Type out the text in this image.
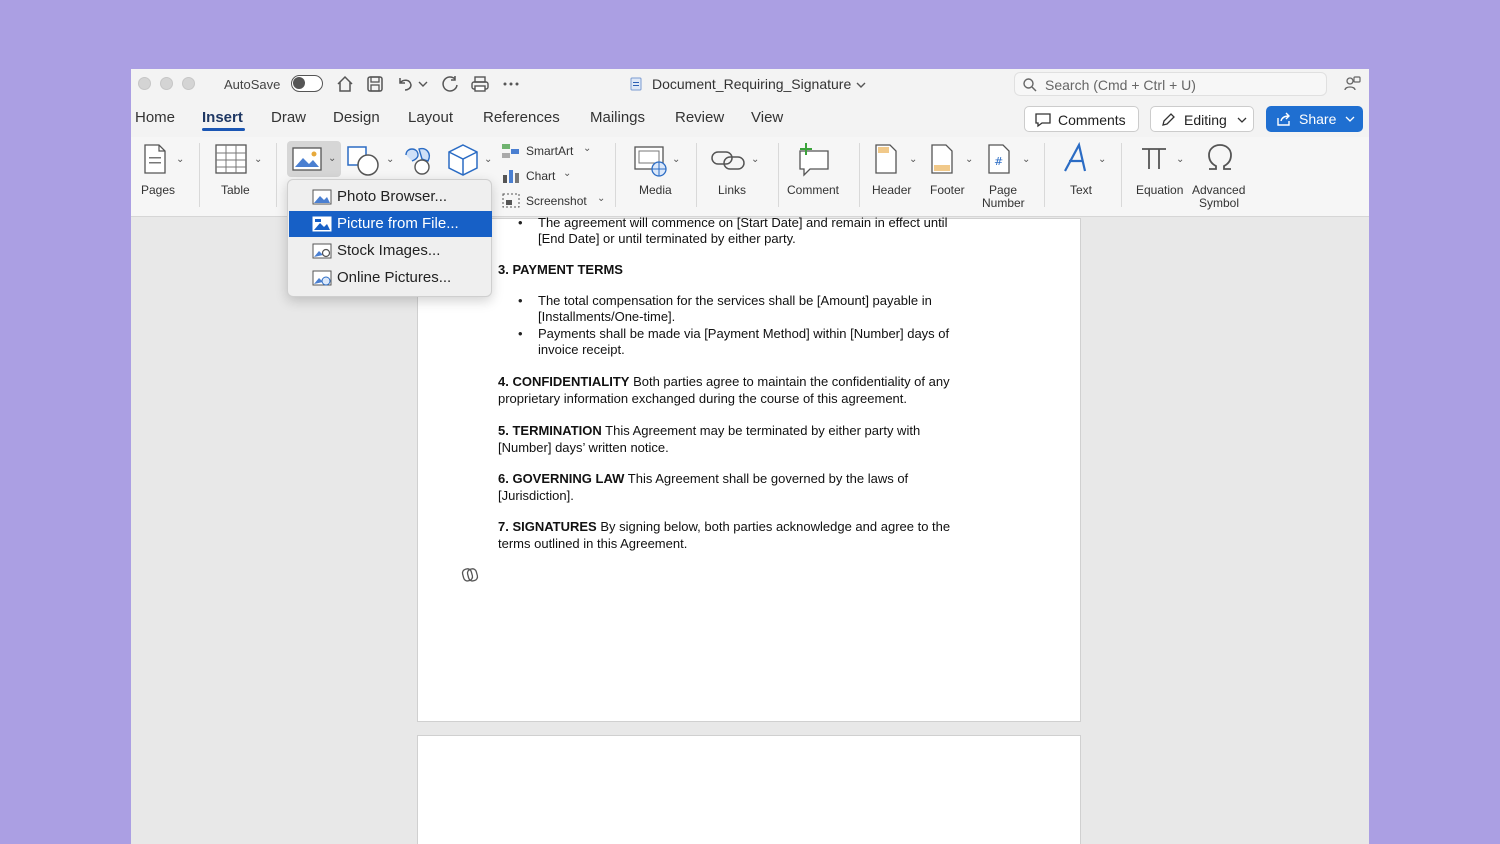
AutoSave	Document_Requiring_Signature	Search (Cmd + Ctrl + U)
Home Insert Draw Design Layout References Mailings Review View	Comments	Editing	Share
⌄
Pages
⌄
Table
⌄	⌄	⌄
SmartArt ⌄
Chart ⌄
Screenshot ⌄
⌄
Media
⌄
Links	Comment
⌄
Header
⌄
Footer
# ⌄
Page
Number
⌄
Text
⌄
Equation Advanced
Symbol
•	The agreement will commence on [Start Date] and remain in effect until
[End Date] or until terminated by either party.
3. PAYMENT TERMS
•	The total compensation for the services shall be [Amount] payable in
[Installments/One-time].
•	Payments shall be made via [Payment Method] within [Number] days of
invoice receipt.
4. CONFIDENTIALITY Both parties agree to maintain the confidentiality of any
proprietary information exchanged during the course of this agreement.
5. TERMINATION This Agreement may be terminated by either party with
[Number] days’ written notice.
6. GOVERNING LAW This Agreement shall be governed by the laws of
[Jurisdiction].
7. SIGNATURES By signing below, both parties acknowledge and agree to the
terms outlined in this Agreement.
Photo Browser...
Picture from File...
Stock Images...
Online Pictures...
